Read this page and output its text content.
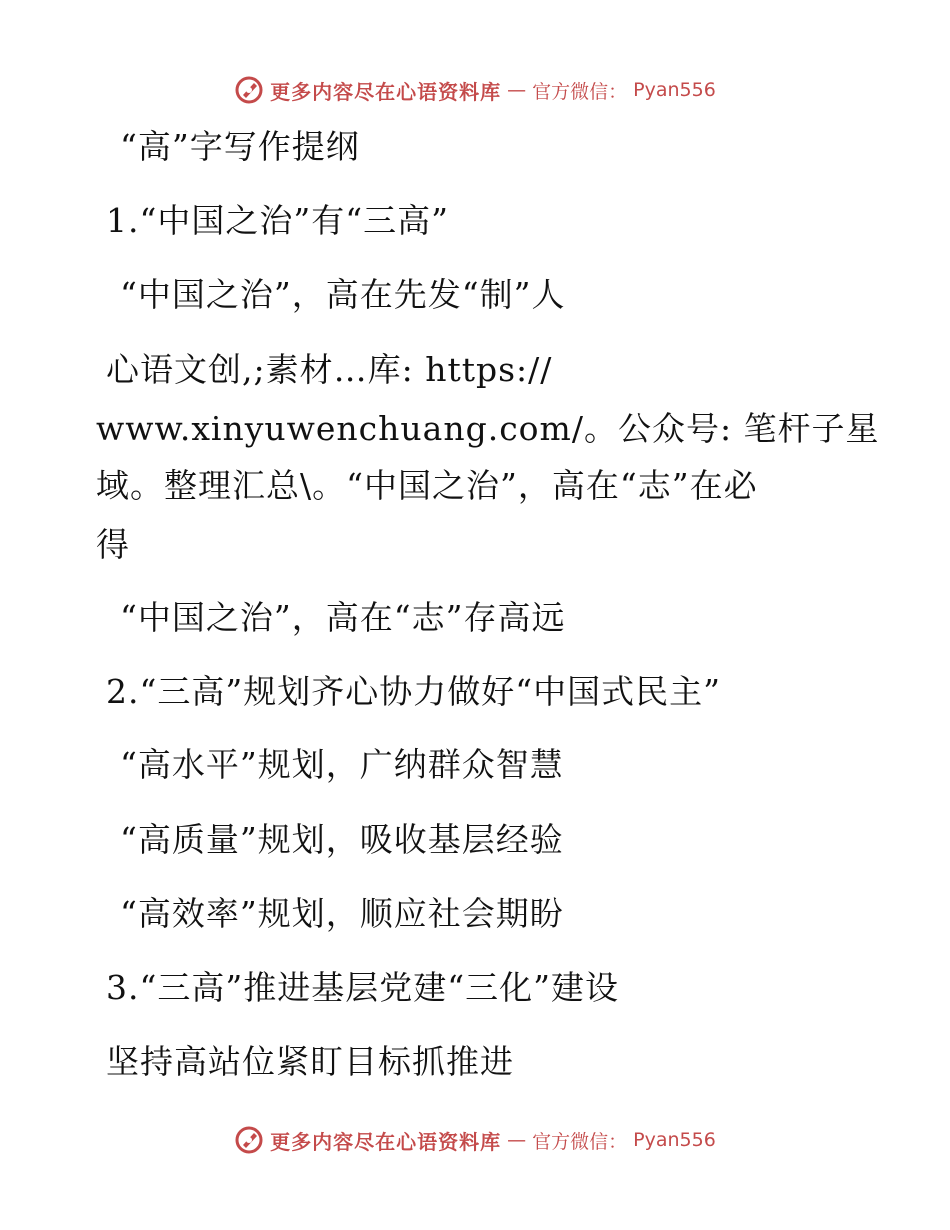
更多内容尽在心语资料库 — 官方微信： Pyan556
“高”字写作提纲
1.“中国之治”有“三高”
“中国之治”，高在先发“制”人
心语文创,;素材…库: https://
www.xinyuwenchuang.com/。公众号: 笔杆子星
域。整理汇总\。“中国之治”，高在“志”在必
得
“中国之治”，高在“志”存高远
2.“三高”规划齐心协力做好“中国式民主”
“高水平”规划，广纳群众智慧
“高质量”规划，吸收基层经验
“高效率”规划，顺应社会期盼
3.“三高”推进基层党建“三化”建设
坚持高站位紧盯目标抓推进
更多内容尽在心语资料库 — 官方微信： Pyan556
